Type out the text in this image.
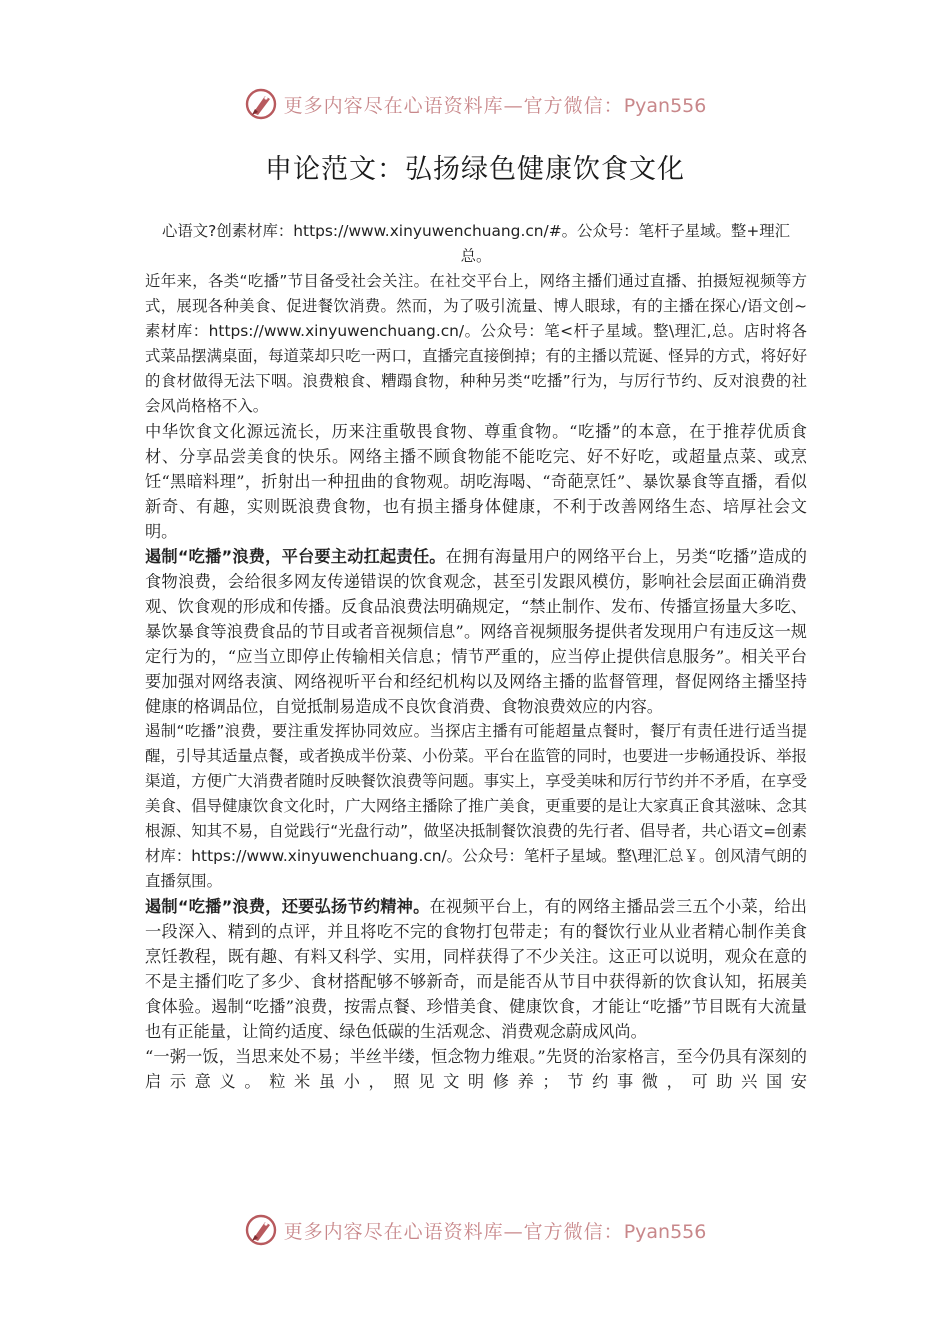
更多内容尽在心语资料库—官方微信：Pyan556
申论范文：弘扬绿色健康饮食文化

心语文?创素材库：https://www.xinyuwenchuang.cn/#。公众号：笔杆子星域。整+理汇总。

近年来，各类“吃播”节目备受社会关注。在社交平台上，网络主播们通过直播、拍摄短视频等方式，展现各种美食、促进餐饮消费。然而，为了吸引流量、博人眼球，有的主播在探心/语文创~素材库：https://www.xinyuwenchuang.cn/。公众号：笔<杆子星域。整\理汇,总。店时将各式菜品摆满桌面，每道菜却只吃一两口，直播完直接倒掉；有的主播以荒诞、怪异的方式，将好好的食材做得无法下咽。浪费粮食、糟蹋食物，种种另类“吃播”行为，与厉行节约、反对浪费的社会风尚格格不入。

中华饮食文化源远流长，历来注重敬畏食物、尊重食物。“吃播”的本意，在于推荐优质食材、分享品尝美食的快乐。网络主播不顾食物能不能吃完、好不好吃，或超量点菜、或烹饪“黑暗料理”，折射出一种扭曲的食物观。胡吃海喝、“奇葩烹饪”、暴饮暴食等直播，看似新奇、有趣，实则既浪费食物，也有损主播身体健康，不利于改善网络生态、培厚社会文明。

遏制“吃播”浪费，平台要主动扛起责任。在拥有海量用户的网络平台上，另类“吃播”造成的食物浪费，会给很多网友传递错误的饮食观念，甚至引发跟风模仿，影响社会层面正确消费观、饮食观的形成和传播。反食品浪费法明确规定，“禁止制作、发布、传播宣扬量大多吃、暴饮暴食等浪费食品的节目或者音视频信息”。网络音视频服务提供者发现用户有违反这一规定行为的，“应当立即停止传输相关信息；情节严重的，应当停止提供信息服务”。相关平台要加强对网络表演、网络视听平台和经纪机构以及网络主播的监督管理，督促网络主播坚持健康的格调品位，自觉抵制易造成不良饮食消费、食物浪费效应的内容。

遏制“吃播”浪费，要注重发挥协同效应。当探店主播有可能超量点餐时，餐厅有责任进行适当提醒，引导其适量点餐，或者换成半份菜、小份菜。平台在监管的同时，也要进一步畅通投诉、举报渠道，方便广大消费者随时反映餐饮浪费等问题。事实上，享受美味和厉行节约并不矛盾，在享受美食、倡导健康饮食文化时，广大网络主播除了推广美食，更重要的是让大家真正食其滋味、念其根源、知其不易，自觉践行“光盘行动”，做坚决抵制餐饮浪费的先行者、倡导者，共心语文=创素材库：https://www.xinyuwenchuang.cn/。公众号：笔杆子星域。整\理汇总￥。创风清气朗的直播氛围。

遏制“吃播”浪费，还要弘扬节约精神。在视频平台上，有的网络主播品尝三五个小菜，给出一段深入、精到的点评，并且将吃不完的食物打包带走；有的餐饮行业从业者精心制作美食烹饪教程，既有趣、有料又科学、实用，同样获得了不少关注。这正可以说明，观众在意的不是主播们吃了多少、食材搭配够不够新奇，而是能否从节目中获得新的饮食认知，拓展美食体验。遏制“吃播”浪费，按需点餐、珍惜美食、健康饮食，才能让“吃播”节目既有大流量也有正能量，让简约适度、绿色低碳的生活观念、消费观念蔚成风尚。

“一粥一饭，当思来处不易；半丝半缕，恒念物力维艰。”先贤的治家格言，至今仍具有深刻的启示意义。粒米虽小，照见文明修养；节约事微，可助兴国安

更多内容尽在心语资料库—官方微信：Pyan556
